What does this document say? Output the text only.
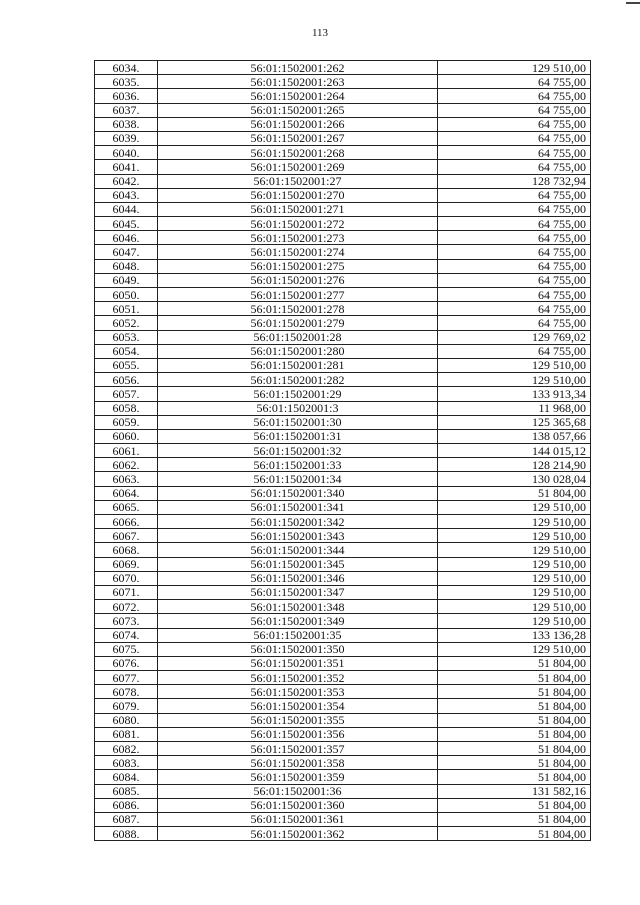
113
6034.	56:01:1502001:262	129 510,00
6035.	56:01:1502001:263	64 755,00
6036.	56:01:1502001:264	64 755,00
6037.	56:01:1502001:265	64 755,00
6038.	56:01:1502001:266	64 755,00
6039.	56:01:1502001:267	64 755,00
6040.	56:01:1502001:268	64 755,00
6041.	56:01:1502001:269	64 755,00
6042.	56:01:1502001:27	128 732,94
6043.	56:01:1502001:270	64 755,00
6044.	56:01:1502001:271	64 755,00
6045.	56:01:1502001:272	64 755,00
6046.	56:01:1502001:273	64 755,00
6047.	56:01:1502001:274	64 755,00
6048.	56:01:1502001:275	64 755,00
6049.	56:01:1502001:276	64 755,00
6050.	56:01:1502001:277	64 755,00
6051.	56:01:1502001:278	64 755,00
6052.	56:01:1502001:279	64 755,00
6053.	56:01:1502001:28	129 769,02
6054.	56:01:1502001:280	64 755,00
6055.	56:01:1502001:281	129 510,00
6056.	56:01:1502001:282	129 510,00
6057.	56:01:1502001:29	133 913,34
6058.	56:01:1502001:3	11 968,00
6059.	56:01:1502001:30	125 365,68
6060.	56:01:1502001:31	138 057,66
6061.	56:01:1502001:32	144 015,12
6062.	56:01:1502001:33	128 214,90
6063.	56:01:1502001:34	130 028,04
6064.	56:01:1502001:340	51 804,00
6065.	56:01:1502001:341	129 510,00
6066.	56:01:1502001:342	129 510,00
6067.	56:01:1502001:343	129 510,00
6068.	56:01:1502001:344	129 510,00
6069.	56:01:1502001:345	129 510,00
6070.	56:01:1502001:346	129 510,00
6071.	56:01:1502001:347	129 510,00
6072.	56:01:1502001:348	129 510,00
6073.	56:01:1502001:349	129 510,00
6074.	56:01:1502001:35	133 136,28
6075.	56:01:1502001:350	129 510,00
6076.	56:01:1502001:351	51 804,00
6077.	56:01:1502001:352	51 804,00
6078.	56:01:1502001:353	51 804,00
6079.	56:01:1502001:354	51 804,00
6080.	56:01:1502001:355	51 804,00
6081.	56:01:1502001:356	51 804,00
6082.	56:01:1502001:357	51 804,00
6083.	56:01:1502001:358	51 804,00
6084.	56:01:1502001:359	51 804,00
6085.	56:01:1502001:36	131 582,16
6086.	56:01:1502001:360	51 804,00
6087.	56:01:1502001:361	51 804,00
6088.	56:01:1502001:362	51 804,00
